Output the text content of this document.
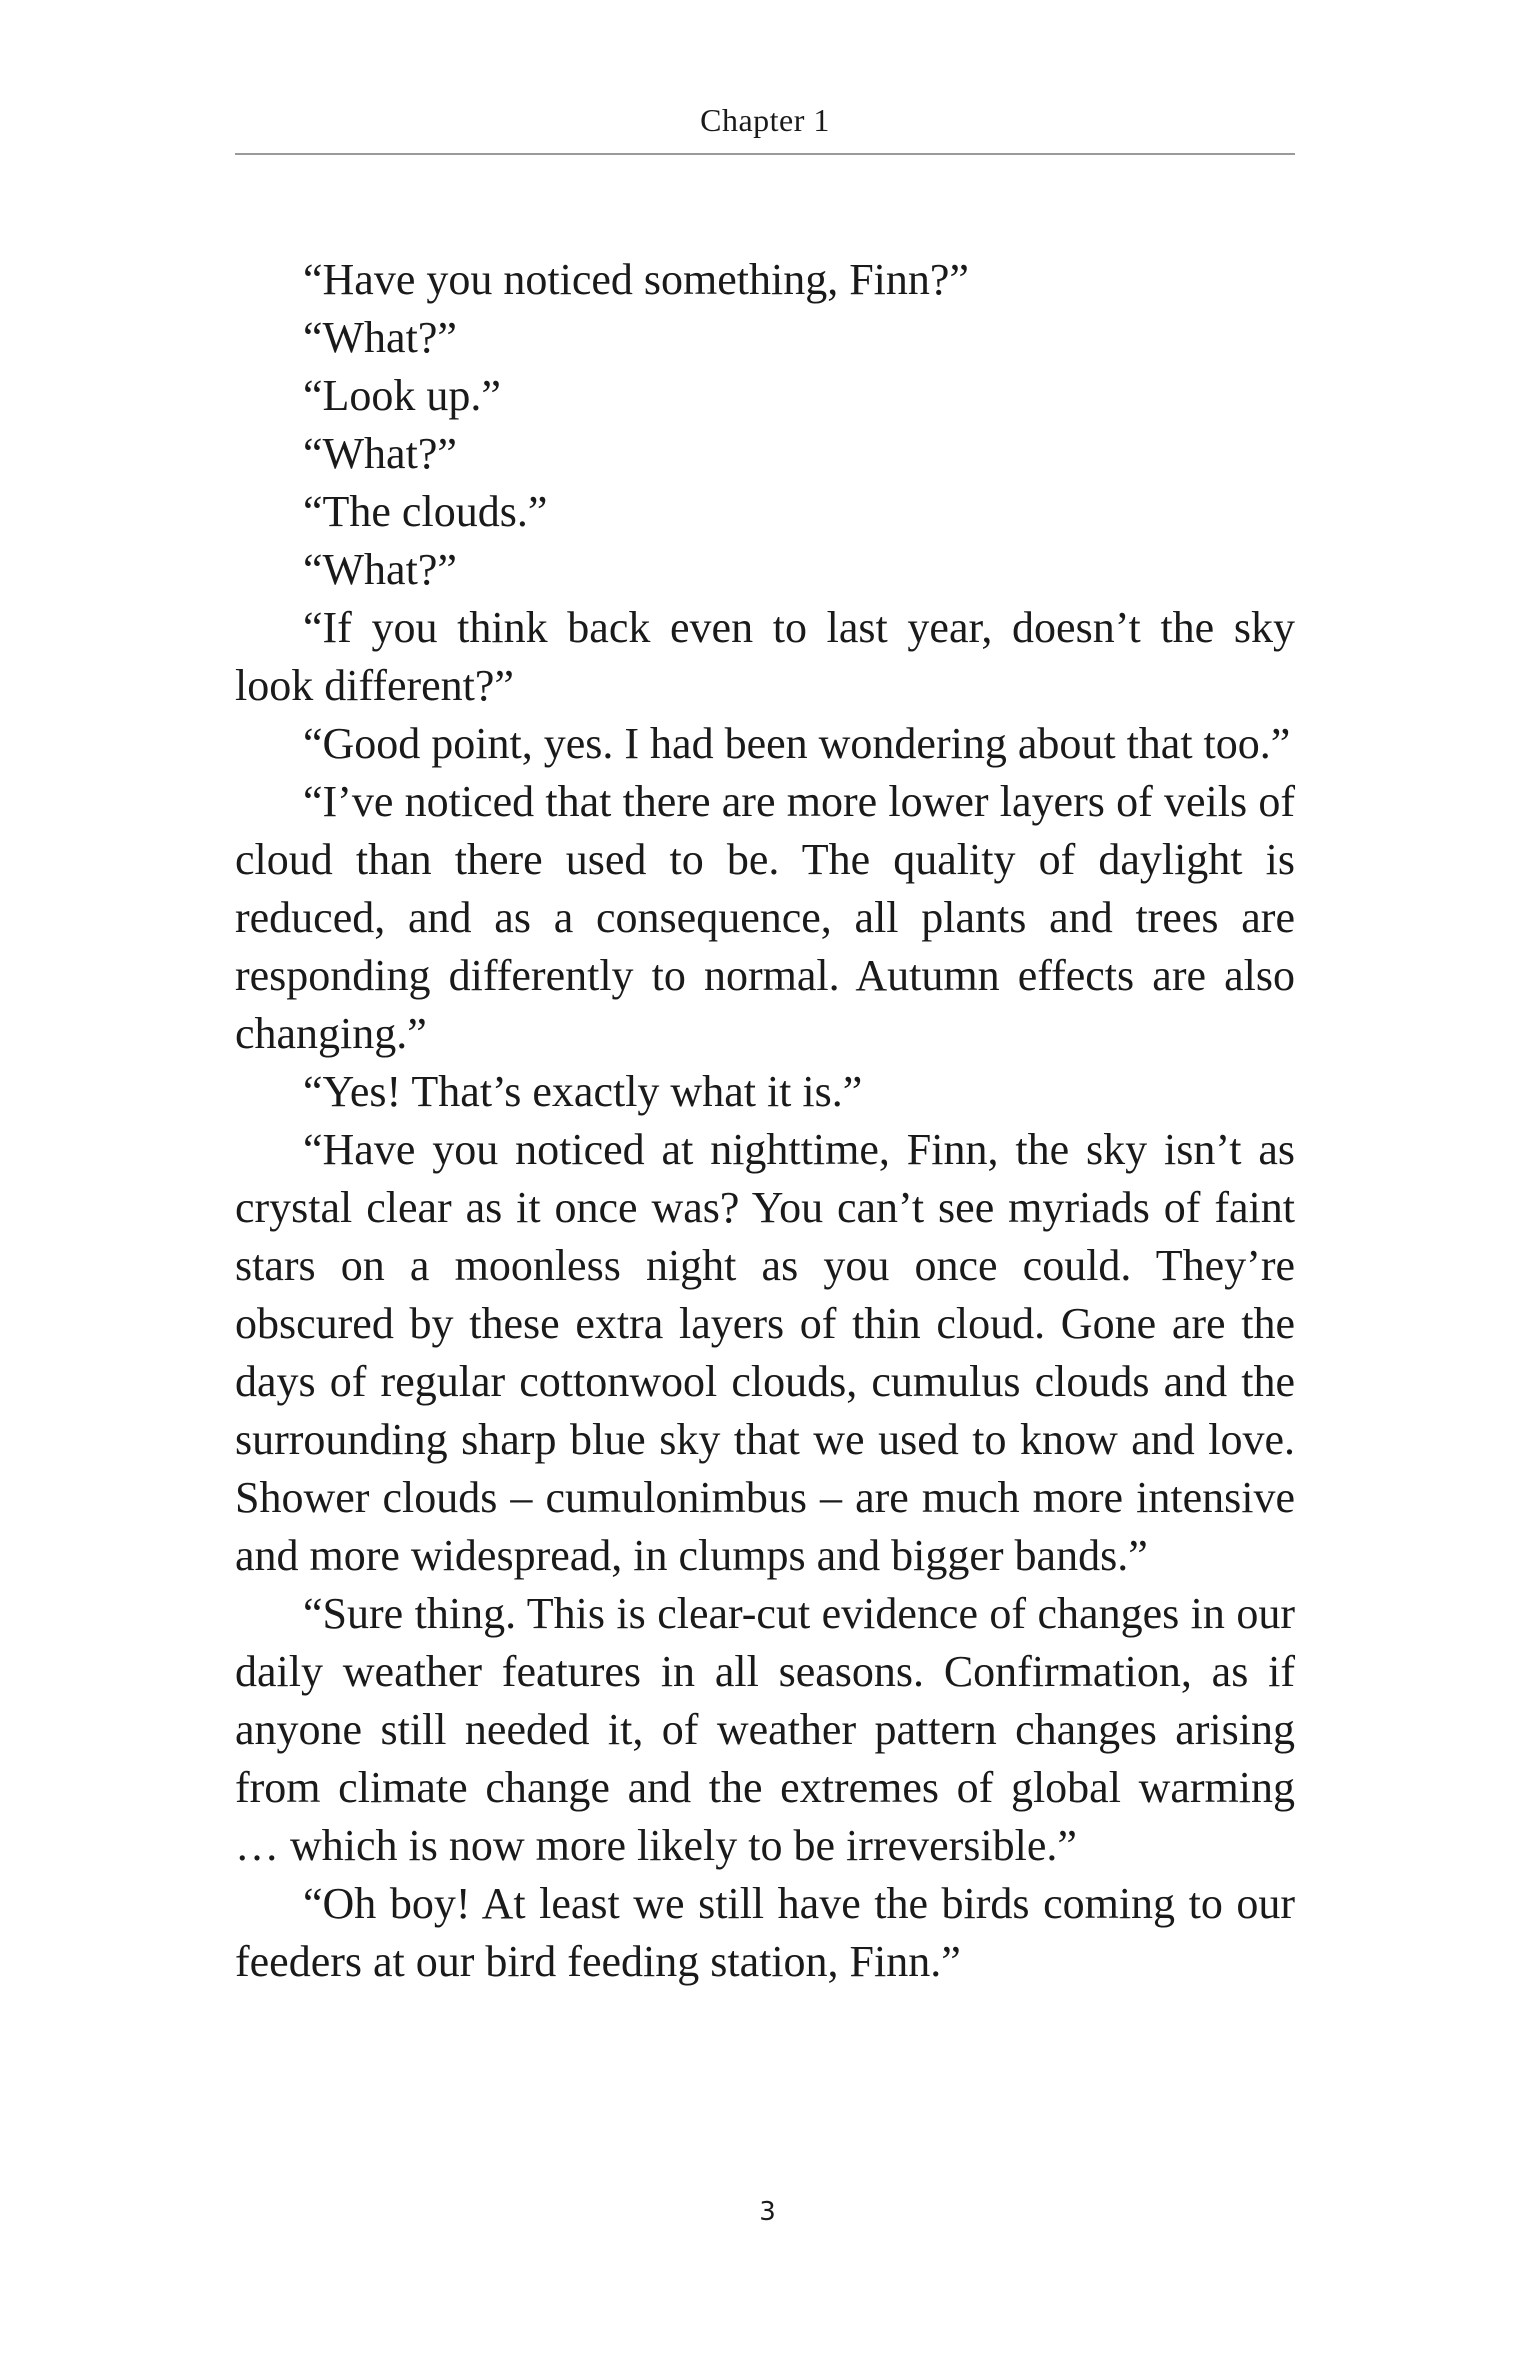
Chapter 1

“Have you noticed something, Finn?”

“What?”

“Look up.”

“What?”

“The clouds.”

“What?”

“If you think back even to last year, doesn’t the sky look different?”

“Good point, yes. I had been wondering about that too.”

“I’ve noticed that there are more lower layers of veils of cloud than there used to be. The quality of daylight is reduced, and as a consequence, all plants and trees are responding differently to normal. Autumn effects are also changing.”

“Yes! That’s exactly what it is.”

“Have you noticed at nighttime, Finn, the sky isn’t as crystal clear as it once was? You can’t see myriads of faint stars on a moonless night as you once could. They’re obscured by these extra layers of thin cloud. Gone are the days of regular cottonwool clouds, cumulus clouds and the surrounding sharp blue sky that we used to know and love. Shower clouds – cumulonimbus – are much more intensive and more widespread, in clumps and bigger bands.”

“Sure thing. This is clear-cut evidence of changes in our daily weather features in all seasons. Confirmation, as if anyone still needed it, of weather pattern changes arising from climate change and the extremes of global warming … which is now more likely to be irreversible.”

“Oh boy! At least we still have the birds coming to our feeders at our bird feeding station, Finn.”

3
